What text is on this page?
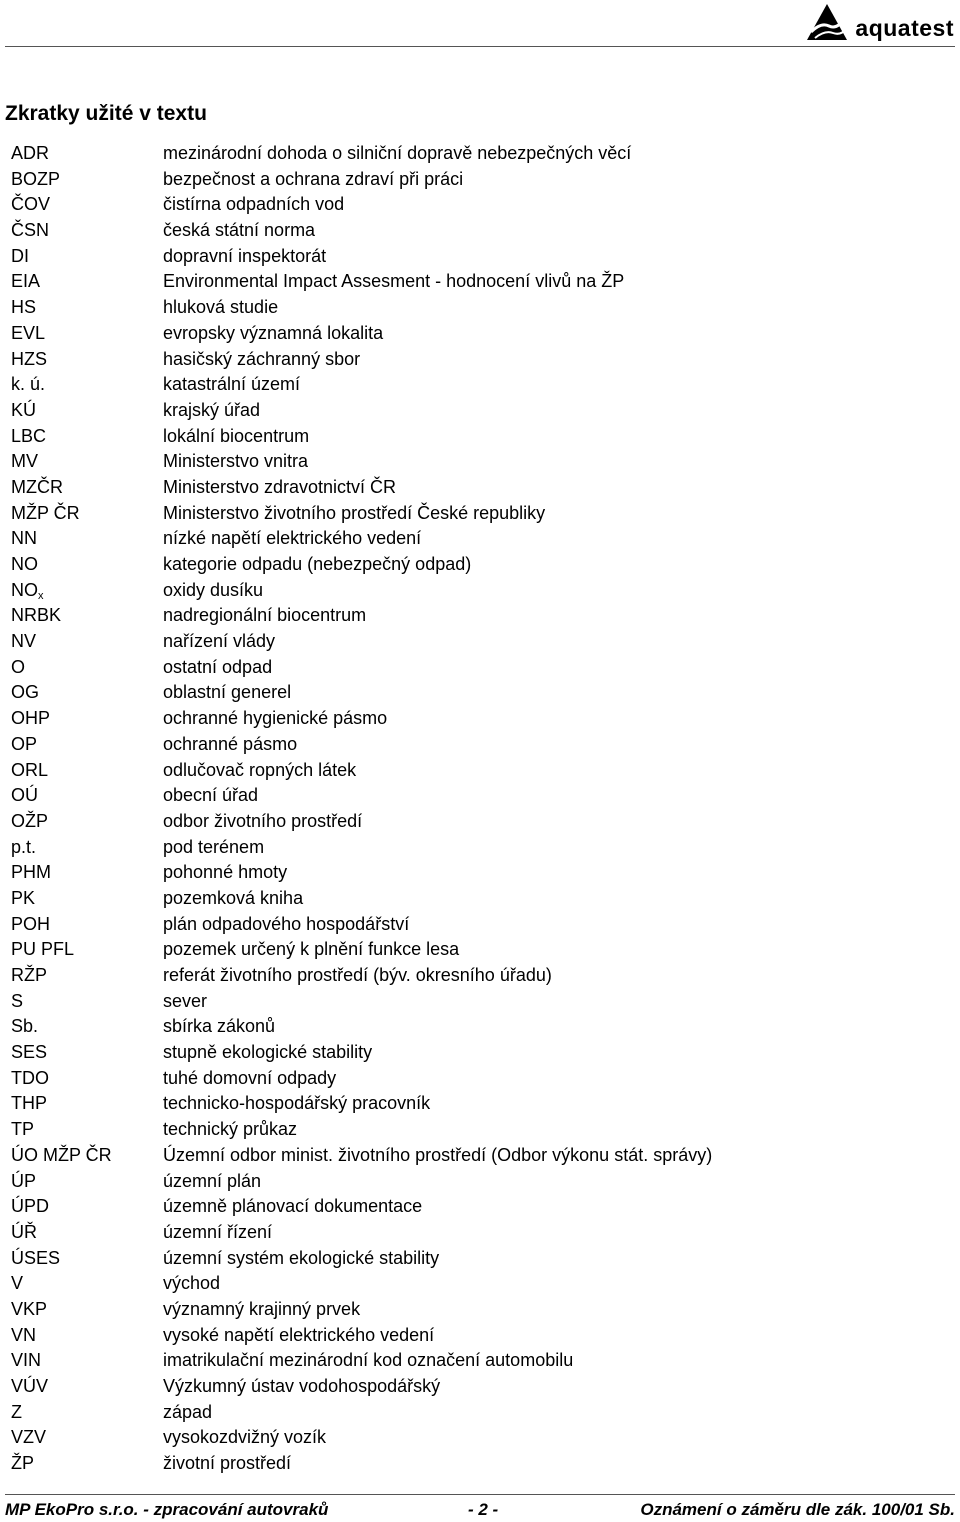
aquatest
Zkratky užité v textu
ADR	mezinárodní dohoda o silniční dopravě nebezpečných věcí
BOZP	bezpečnost a ochrana zdraví při práci
ČOV	čistírna odpadních vod
ČSN	česká státní norma
DI	dopravní inspektorát
EIA	Environmental Impact Assesment - hodnocení vlivů na ŽP
HS	hluková studie
EVL	evropsky významná lokalita
HZS	hasičský záchranný sbor
k. ú.	katastrální území
KÚ	krajský úřad
LBC	lokální biocentrum
MV	Ministerstvo vnitra
MZČR	Ministerstvo zdravotnictví ČR
MŽP ČR	Ministerstvo životního prostředí České republiky
NN	nízké napětí elektrického vedení
NO	kategorie odpadu (nebezpečný odpad)
$NO_x$	oxidy dusíku
NRBK	nadregionální biocentrum
NV	nařízení vlády
O	ostatní odpad
OG	oblastní generel
OHP	ochranné hygienické pásmo
OP	ochranné pásmo
ORL	odlučovač ropných látek
OÚ	obecní úřad
OŽP	odbor životního prostředí
p.t.	pod terénem
PHM	pohonné hmoty
PK	pozemková kniha
POH	plán odpadového hospodářství
PU PFL	pozemek určený k plnění funkce lesa
RŽP	referát životního prostředí (býv. okresního úřadu)
S	sever
Sb.	sbírka zákonů
SES	stupně ekologické stability
TDO	tuhé domovní odpady
THP	technicko-hospodářský pracovník
TP	technický průkaz
ÚO MŽP ČR	Územní odbor minist. životního prostředí (Odbor výkonu stát. správy)
ÚP	územní plán
ÚPD	územně plánovací dokumentace
ÚŘ	územní řízení
ÚSES	územní systém ekologické stability
V	východ
VKP	významný krajinný prvek
VN	vysoké napětí elektrického vedení
VIN	imatrikulační mezinárodní kod označení automobilu
VÚV	Výzkumný ústav vodohospodářský
Z	západ
VZV	vysokozdvižný vozík
ŽP	životní prostředí
MP EkoPro s.r.o. - zpracování autovraků	- 2 -	Oznámení o záměru dle zák. 100/01 Sb.
